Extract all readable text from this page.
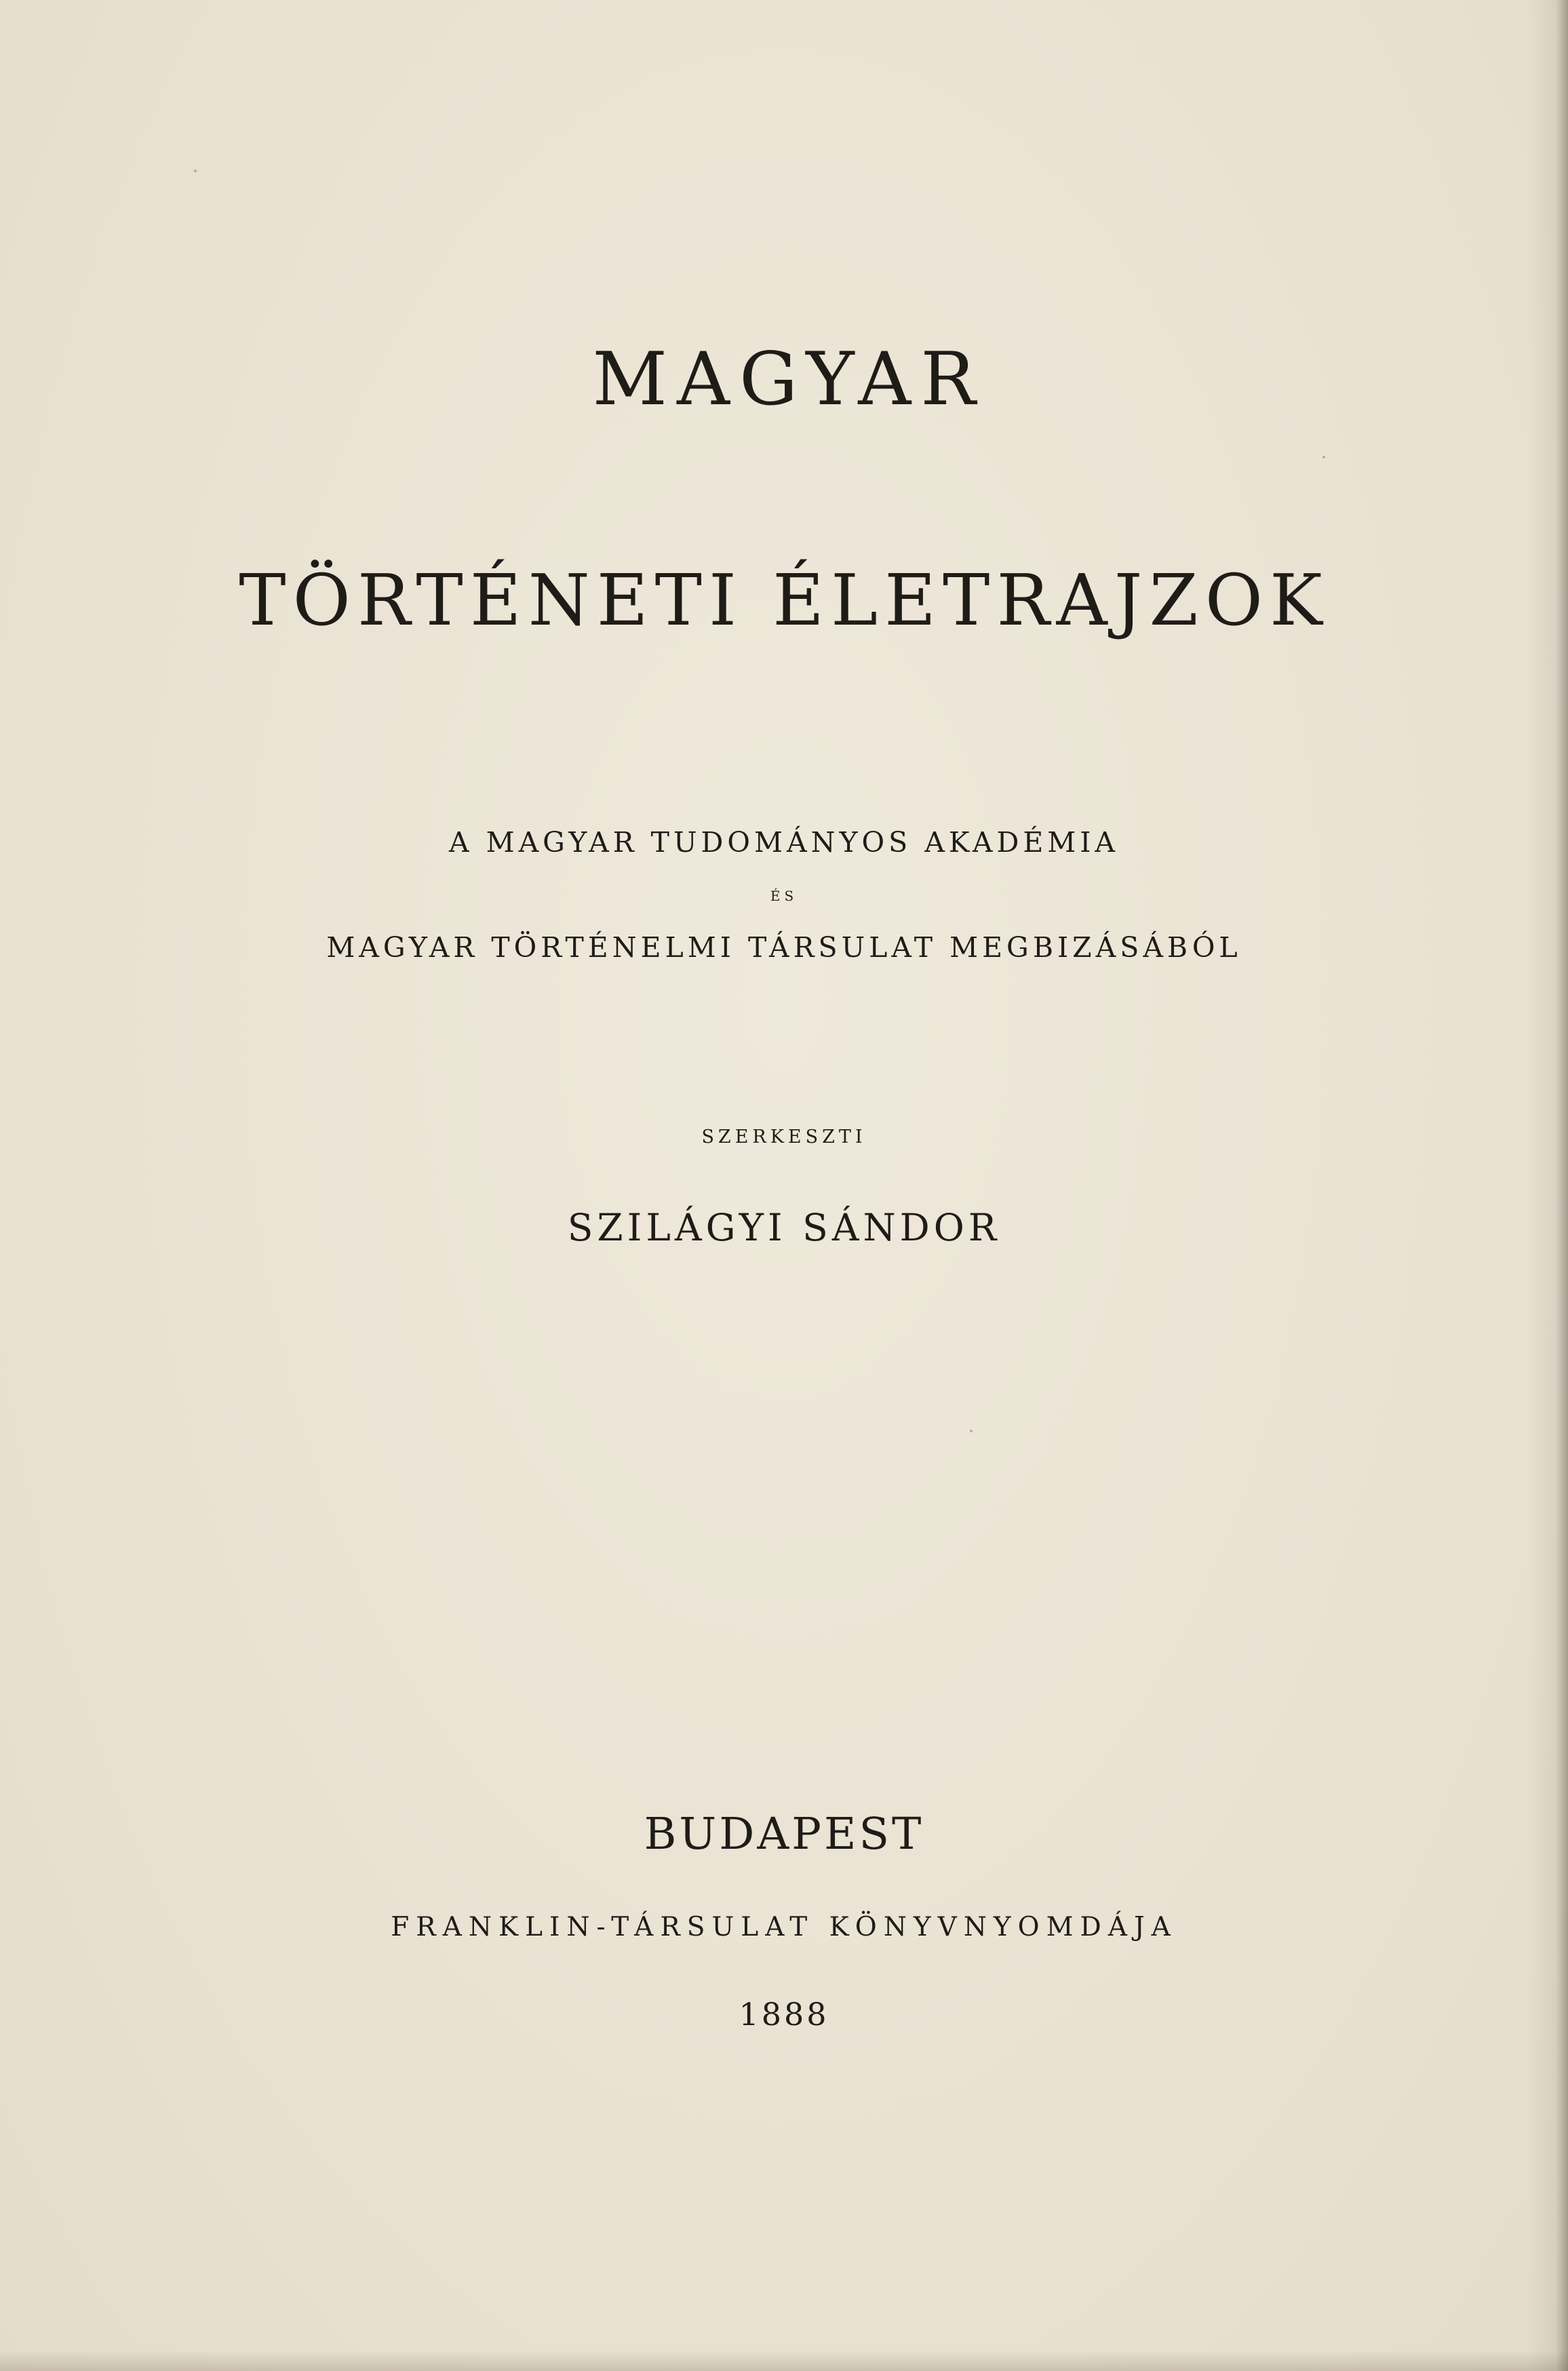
MAGYAR
TÖRTÉNETI ÉLETRAJZOK
A MAGYAR TUDOMÁNYOS AKADÉMIA
ÉS
MAGYAR TÖRTÉNELMI TÁRSULAT MEGBIZÁSÁBÓL
SZERKESZTI
SZILÁGYI SÁNDOR
BUDAPEST
FRANKLIN-TÁRSULAT KÖNYVNYOMDÁJA
1888
